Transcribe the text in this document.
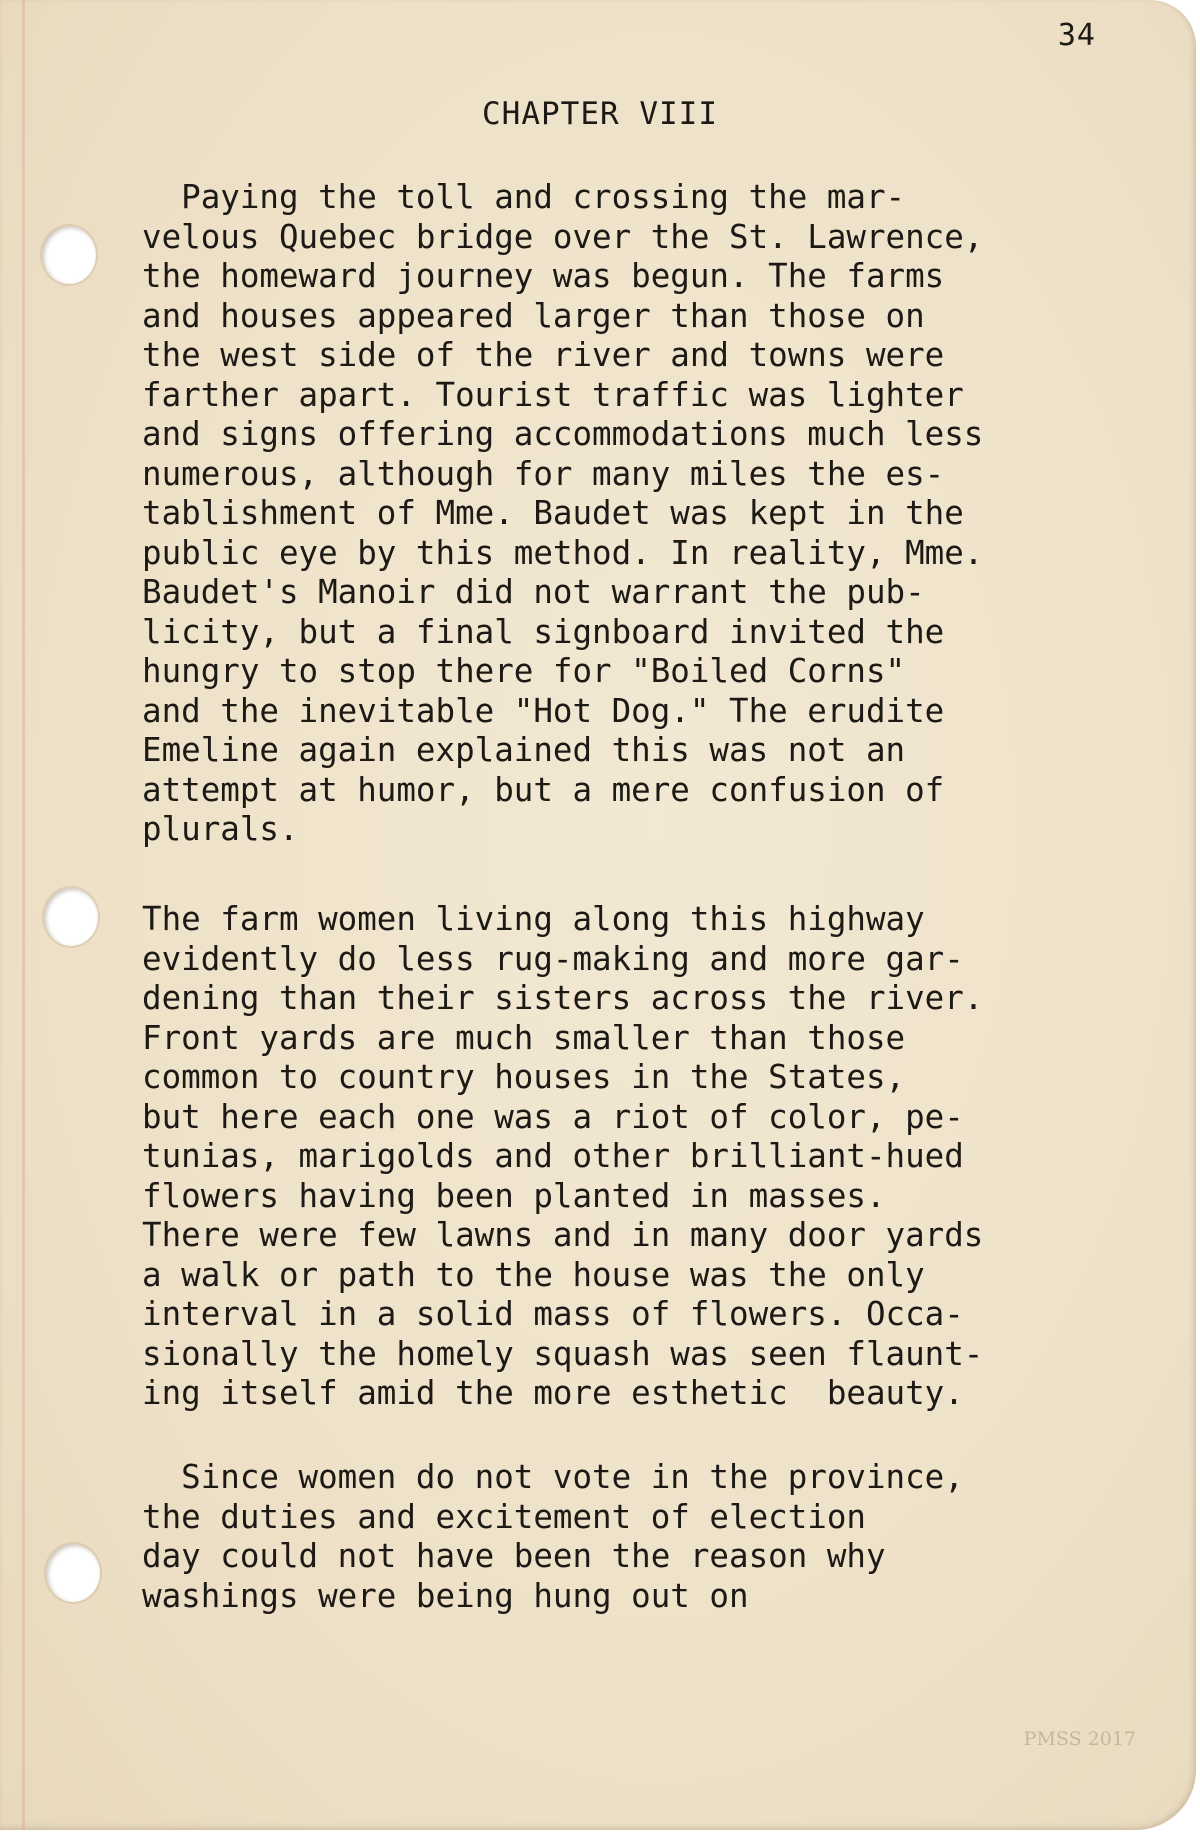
34
CHAPTER VIII
Paying the toll and crossing the mar-
velous Quebec bridge over the St. Lawrence,
the homeward journey was begun. The farms
and houses appeared larger than those on
the west side of the river and towns were
farther apart. Tourist traffic was lighter
and signs offering accommodations much less
numerous, although for many miles the es-
tablishment of Mme. Baudet was kept in the
public eye by this method. In reality, Mme.
Baudet's Manoir did not warrant the pub-
licity, but a final signboard invited the
hungry to stop there for "Boiled Corns"
and the inevitable "Hot Dog." The erudite
Emeline again explained this was not an
attempt at humor, but a mere confusion of
plurals.
The farm women living along this highway
evidently do less rug-making and more gar-
dening than their sisters across the river.
Front yards are much smaller than those
common to country houses in the States,
but here each one was a riot of color, pe-
tunias, marigolds and other brilliant-hued
flowers having been planted in masses.
There were few lawns and in many door yards
a walk or path to the house was the only
interval in a solid mass of flowers. Occa-
sionally the homely squash was seen flaunt-
ing itself amid the more esthetic  beauty.
Since women do not vote in the province,
the duties and excitement of election
day could not have been the reason why
washings were being hung out on
PMSS 2017
